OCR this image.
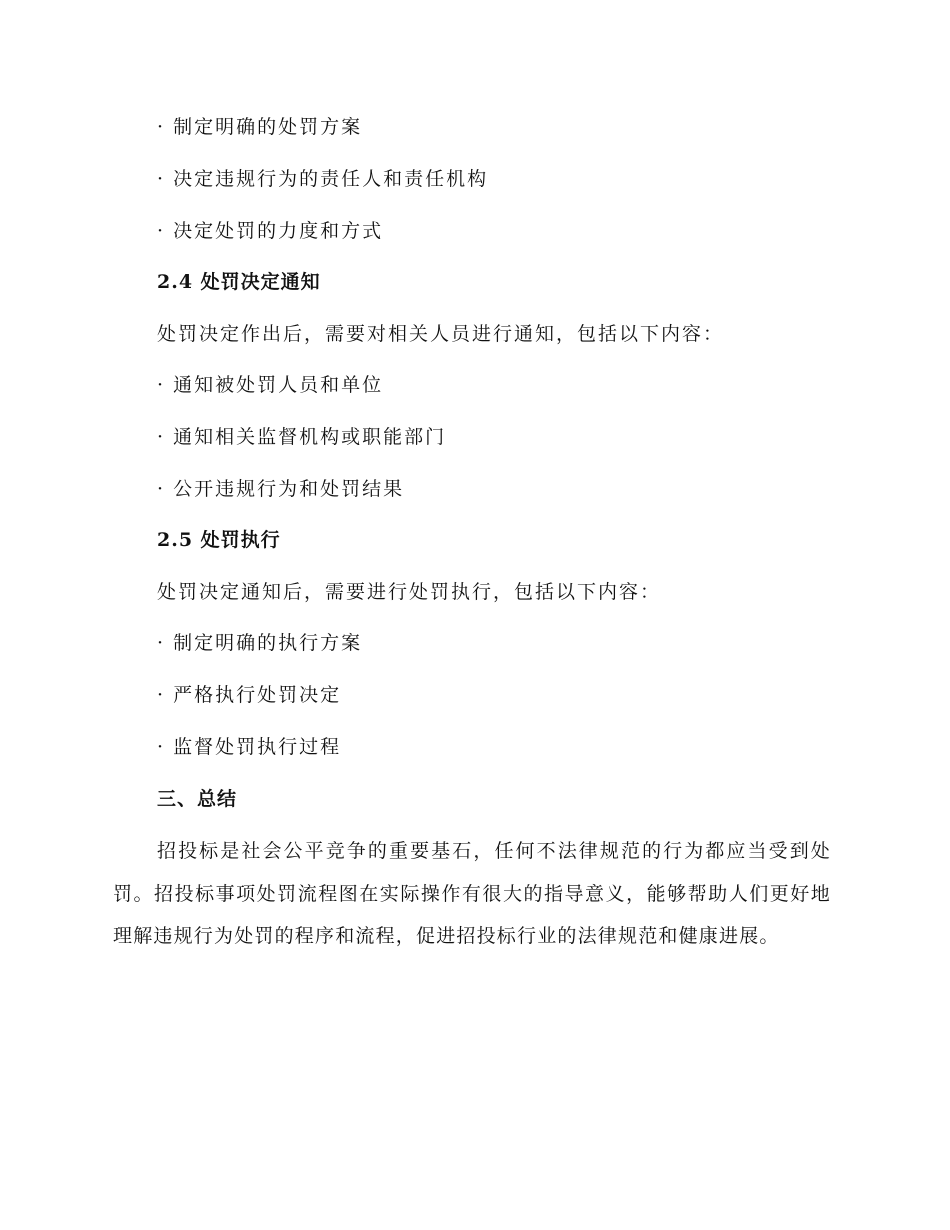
· 制定明确的处罚方案
· 决定违规行为的责任人和责任机构
· 决定处罚的力度和方式
2.4 处罚决定通知
处罚决定作出后，需要对相关人员进行通知，包括以下内容：
· 通知被处罚人员和单位
· 通知相关监督机构或职能部门
· 公开违规行为和处罚结果
2.5 处罚执行
处罚决定通知后，需要进行处罚执行，包括以下内容：
· 制定明确的执行方案
· 严格执行处罚决定
· 监督处罚执行过程
三、总结
招投标是社会公平竞争的重要基石，任何不法律规范的行为都应当受到处罚。招投标事项处罚流程图在实际操作有很大的指导意义，能够帮助人们更好地理解违规行为处罚的程序和流程，促进招投标行业的法律规范和健康进展。
